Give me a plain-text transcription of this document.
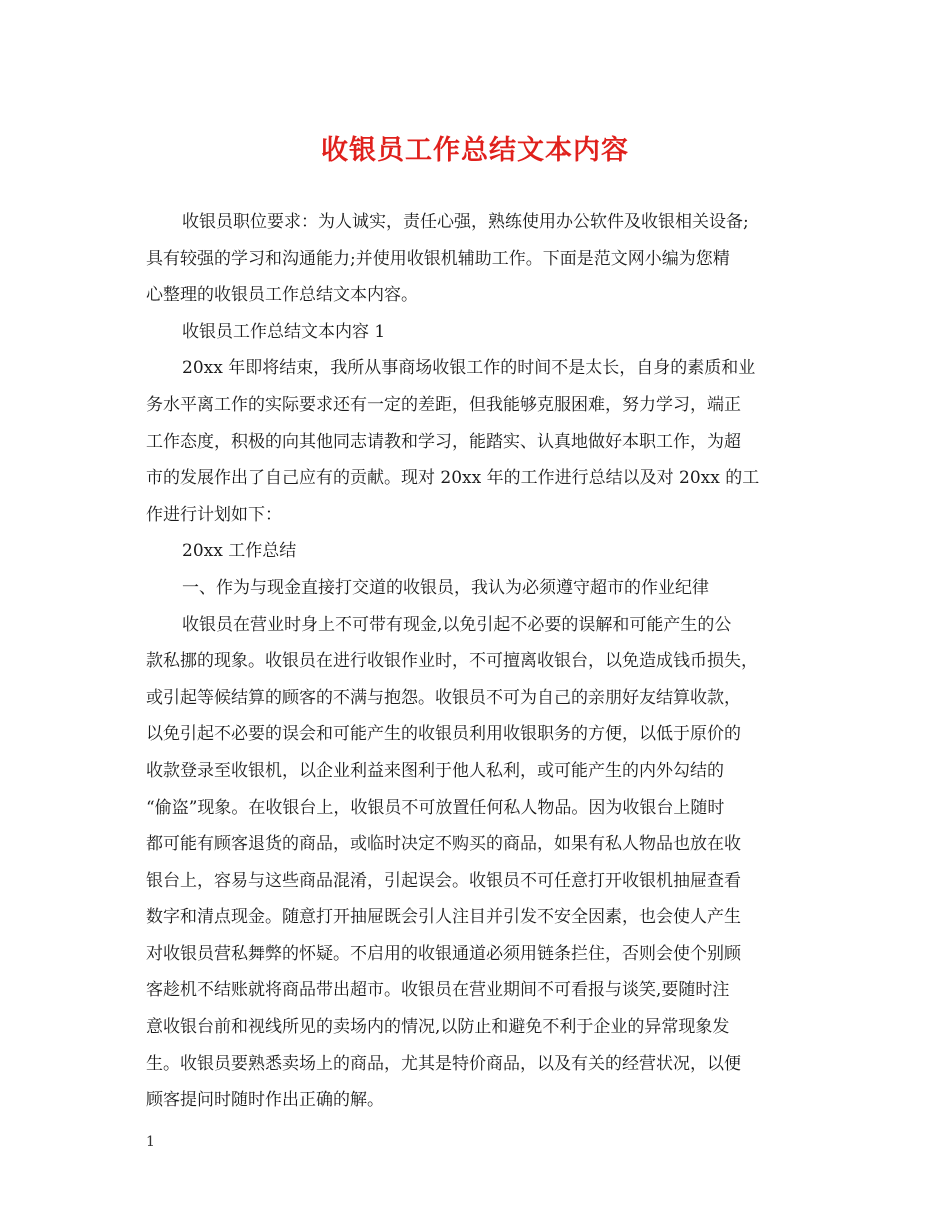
收银员工作总结文本内容

收银员职位要求：为人诚实，责任心强，熟练使用办公软件及收银相关设备;
具有较强的学习和沟通能力;并使用收银机辅助工作。下面是范文网小编为您精
心整理的收银员工作总结文本内容。

收银员工作总结文本内容 1

20xx 年即将结束，我所从事商场收银工作的时间不是太长，自身的素质和业
务水平离工作的实际要求还有一定的差距，但我能够克服困难，努力学习，端正
工作态度，积极的向其他同志请教和学习，能踏实、认真地做好本职工作，为超
市的发展作出了自己应有的贡献。现对 20xx 年的工作进行总结以及对 20xx 的工
作进行计划如下：

20xx 工作总结

一、作为与现金直接打交道的收银员，我认为必须遵守超市的作业纪律

收银员在营业时身上不可带有现金,以免引起不必要的误解和可能产生的公
款私挪的现象。收银员在进行收银作业时，不可擅离收银台，以免造成钱币损失，
或引起等候结算的顾客的不满与抱怨。收银员不可为自己的亲朋好友结算收款，
以免引起不必要的误会和可能产生的收银员利用收银职务的方便，以低于原价的
收款登录至收银机，以企业利益来图利于他人私利，或可能产生的内外勾结的
“偷盗”现象。在收银台上，收银员不可放置任何私人物品。因为收银台上随时
都可能有顾客退货的商品，或临时决定不购买的商品，如果有私人物品也放在收
银台上，容易与这些商品混淆，引起误会。收银员不可任意打开收银机抽屉查看
数字和清点现金。随意打开抽屉既会引人注目并引发不安全因素，也会使人产生
对收银员营私舞弊的怀疑。不启用的收银通道必须用链条拦住，否则会使个别顾
客趁机不结账就将商品带出超市。收银员在营业期间不可看报与谈笑,要随时注
意收银台前和视线所见的卖场内的情况,以防止和避免不利于企业的异常现象发
生。收银员要熟悉卖场上的商品，尤其是特价商品，以及有关的经营状况，以便
顾客提问时随时作出正确的解。

1
